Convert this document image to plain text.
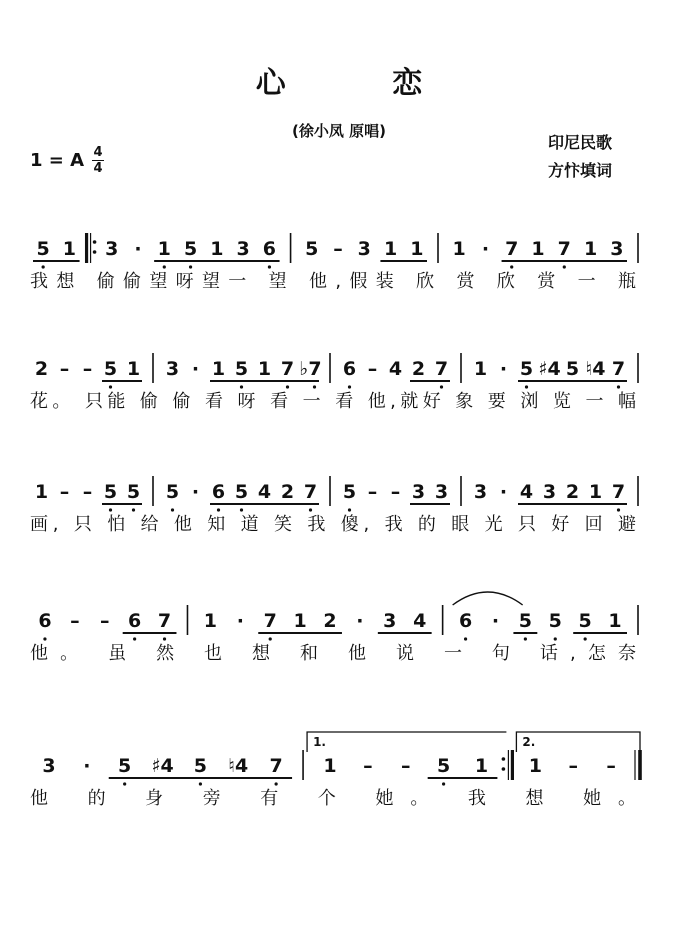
心 恋
(徐小凤 原唱)
1 = A $\frac{4}{4}$
印尼民歌
方忭填词
5 1 3 · 1 5 1 3 6 5 – 3 1 1 1 · 7 1 7 1 3
我想 偷偷望呀望一 望 他,假装 欣 赏 欣 赏 一 瓶
2 – – 5 1 3 · 1 5 1 7 ♭7 6 – 4 2 7 1 · 5 ♯4 5 ♮4 7
花。 只能 偷 偷 看 呀 看 一 看 他,就好 象 要 浏 览 一 幅
1 – – 5 5 5 · 6 5 4 2 7 5 – – 3 3 3 · 4 3 2 1 7
画, 只 怕 给 他 知 道 笑 我 傻, 我 的 眼 光 只 好 回 避
6 – – 6 7 1 · 7 1 2 · 3 4 6 · 5 5 5 1
他。 虽 然 也 想 和 他 说 一 句 话,怎奈
3 · 5 ♯4 5 ♮4 7 1 – – 5 1 1 – –
他 的 身 旁 有 个 她。 我 想 她。
1.	2.
